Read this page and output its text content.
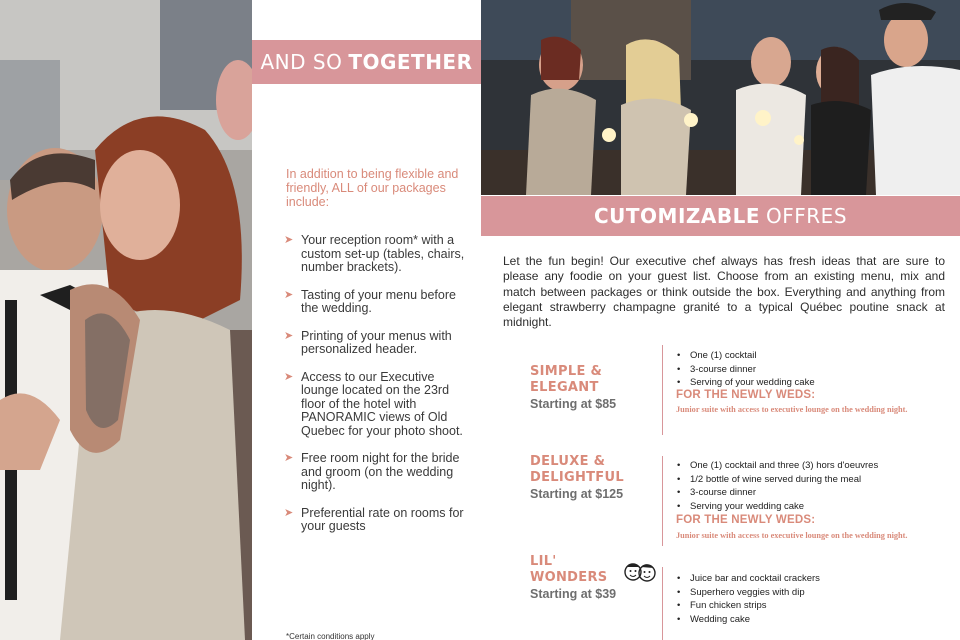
AND SO TOGETHER
In addition to being flexible and friendly, ALL of our packages include:
➤ Your reception room* with a custom set-up (tables, chairs, number brackets).
➤ Tasting of your menu before the wedding.
➤ Printing of your menus with personalized header.
➤ Access to our Executive lounge located on the 23rd floor of the hotel with PANORAMIC views of Old Quebec for your photo shoot.
➤ Free room night for the bride and groom (on the wedding night).
➤ Preferential rate on rooms for your guests
*Certain conditions apply
CUTOMIZABLE OFFRES
Let the fun begin! Our executive chef always has fresh ideas that are sure to please any foodie on your guest list. Choose from an existing menu, mix and match between packages or think outside the box. Everything and anything from elegant strawberry champagne granité to a typical Québec poutine snack at midnight.
SIMPLE &
ELEGANT
Starting at $85
• One (1) cocktail
• 3-course dinner
• Serving of your wedding cake
FOR THE NEWLY WEDS:
Junior suite with access to executive lounge on the wedding night.
DELUXE &
DELIGHTFUL
Starting at $125
• One (1) cocktail and three (3) hors d'oeuvres
• 1/2 bottle of wine served during the meal
• 3-course dinner
• Serving your wedding cake
FOR THE NEWLY WEDS:
Junior suite with access to executive lounge on the wedding night.
LIL'
WONDERS
Starting at $39
• Juice bar and cocktail crackers
• Superhero veggies with dip
• Fun chicken strips
• Wedding cake
